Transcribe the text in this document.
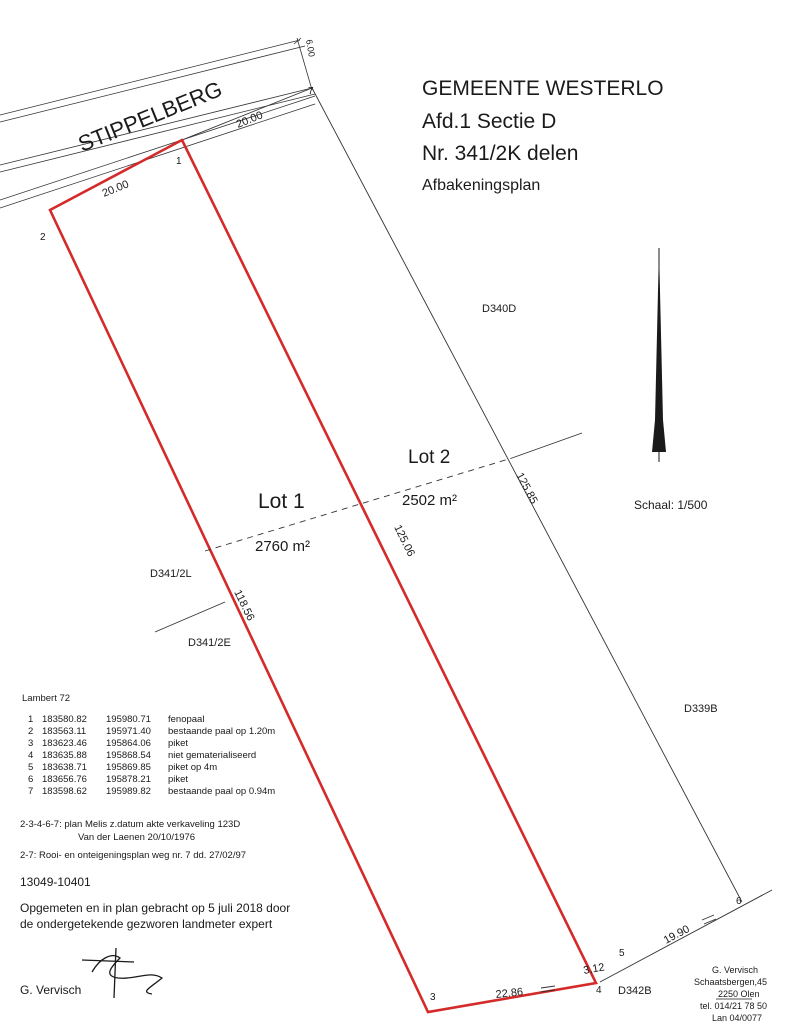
GEMEENTE WESTERLO
Afd.1 Sectie D
Nr. 341/2K delen
Afbakeningsplan
STIPPELBERG
Schaal: 1/500
Lot 1
2760 m²
Lot 2
2502 m²
D340D
D341/2L
D341/2E
D339B
D342B
1
2
3
4
5
6
7
20.00
20.00
6.00
118.56
125.06
125.85
22.86
3.12
19.90
Lambert 72
1 183580.82 195980.71 fenopaal
2 183563.11 195971.40 bestaande paal op 1.20m
3 183623.46 195864.06 piket
4 183635.88 195868.54 niet gematerialiseerd
5 183638.71 195869.85 piket op 4m
6 183656.76 195878.21 piket
7 183598.62 195989.82 bestaande paal op 0.94m
2-3-4-6-7: plan Melis z.datum akte verkaveling 123D
Van der Laenen 20/10/1976
2-7: Rooi- en onteigeningsplan weg nr. 7 dd. 27/02/97
13049-10401
Opgemeten en in plan gebracht op 5 juli 2018 door
de ondergetekende gezworen landmeter expert
G. Vervisch
G. Vervisch
Schaatsbergen,45
2250 Olen
tel. 014/21 78 50
Lan 04/0077
